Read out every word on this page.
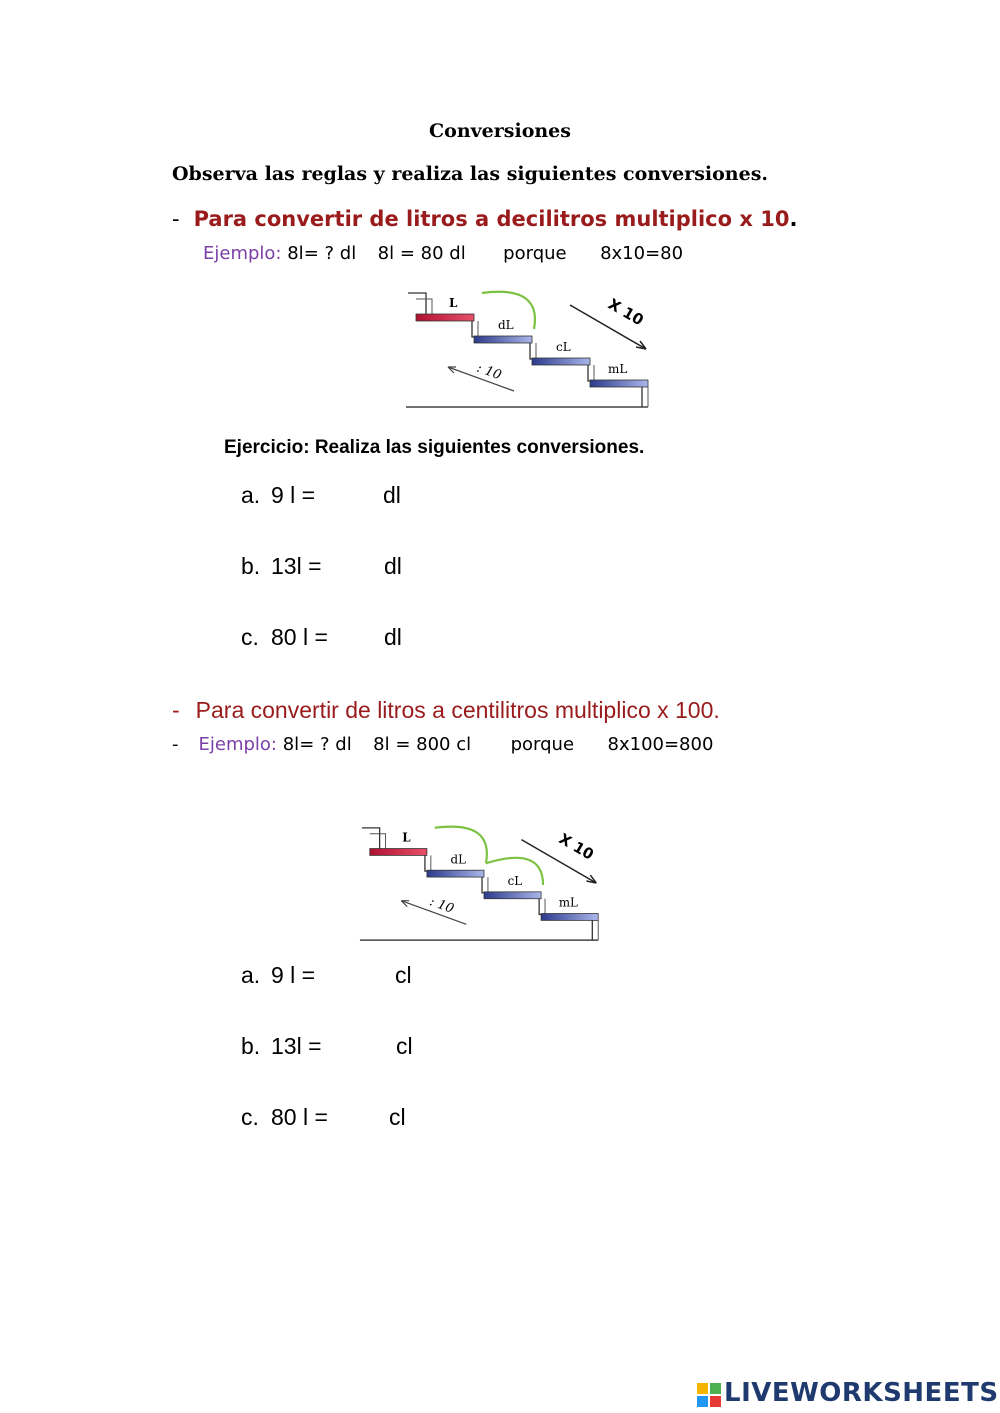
Conversiones
Observa las reglas y realiza las siguientes conversiones.
- Para convertir de litros a decilitros multiplico x 10.
Ejemplo: 8l= ? dl 8l = 80 dl porque 8x10=80
L
dL
cL
mL
X 10
: 10
Ejercicio: Realiza las siguientes conversiones.
a. 9 l =	dl
b. 13l =	dl
c. 80 l = dl
- Para convertir de litros a centilitros multiplico x 100.
- Ejemplo: 8l= ? dl 8l = 800 cl porque 8x100=800
L
dL
cL
mL
X 10
: 10
a. 9 l =	cl
b. 13l =	cl
c. 80 l =	cl
LIVEWORKSHEETS
